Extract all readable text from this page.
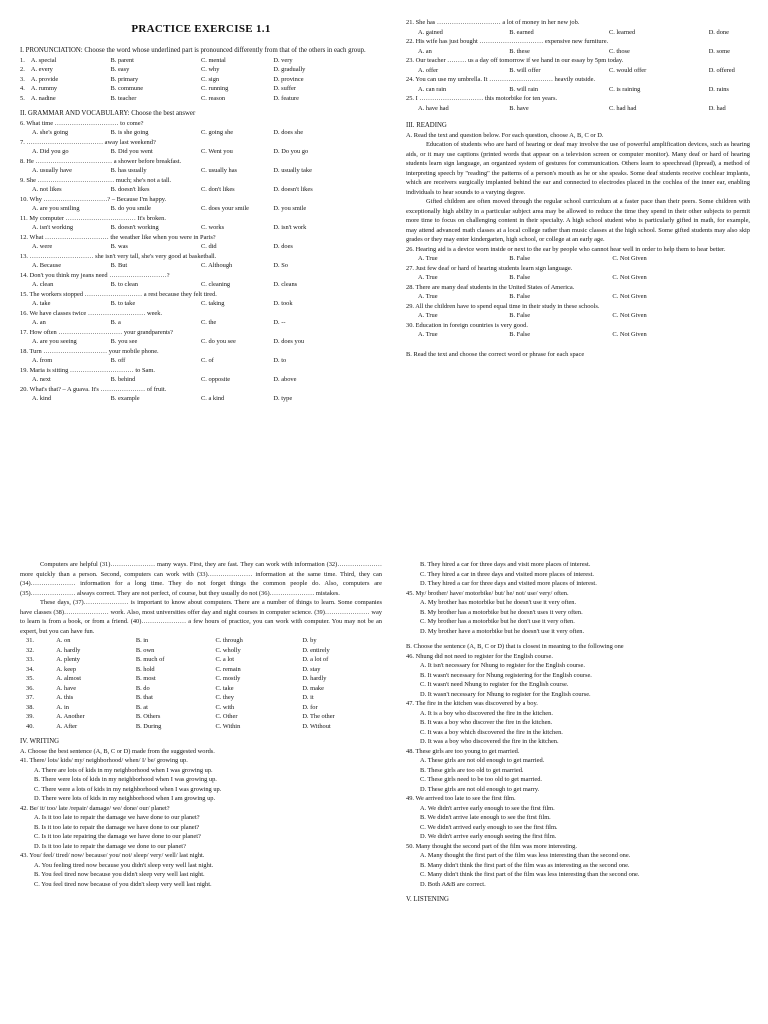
PRACTICE EXERCISE 1.1
I. PRONUNCIATION: Choose the word whose underlined part is pronounced differently from that of the others in each group.
1. A. special	B. parent	C. mental	D. very
2. A. every	B. easy	C. why	D. gradually
3. A. provide	B. primary	C. sign	D. province
4. A. rummy	B. commune	C. running	D. suffer
5. A. nadine	B. teacher	C. reason	D. feature
II. GRAMMAR AND VOCABULARY: Choose the best answer
6. What time ………………………… to come?
A. she's going	B. is she going	C. going she	D. does she
7. ……………………………… away last weekend?
A. Did you go	B. Did you went	C. Went you	D. Do you go
8. He ……………………………… a shower before breakfast.
A. usually have	B. has usually	C. usually has	D. usually take
9. She ……………………………… much; she's not a tall.
A. not likes	B. doesn't likes	C. don't likes	D. doesn't likes
10. Why …………………………? – Because I'm happy.
A. are you smiling	B. do you smile	C. does your smile	D. you smile
11. My computer …………………………… It's broken.
A. isn't working	B. doesn't working	C. works	D. isn't work
12. What ………………………… the weather like when you were in Paris?
A. were	B. was	C. did	D. does
13. ………………………… she isn't very tall, she's very good at basketball.
A. Because	B. But	C. Although	D. So
14. Don't you think my jeans need ………………………?
A. clean	B. to clean	C. cleaning	D. cleans
15. The workers stopped ……………………… a rest because they felt tired.
A. take	B. to take	C. taking	D. took
16. We have classes twice ……………………… week.
A. an	B. a	C. the	D. --
17. How often ………………………… your grandparents?
A. are you seeing	B. you see	C. do you see	D. does you
18. Turn ………………………… your mobile phone.
A. from	B. off	C. of	D. to
19. Maria is sitting ………………………… to Sam.
A. next	B. behind	C. opposite	D. above
20. What's that? – A guava. It's ………………… of fruit.
A. kind	B. example	C. a kind	D. type
21. She has ………………………… a lot of money in her new job.
A. gained	B. earned	C. learned	D. done
22. His wife has just bought ………………………… expensive new furniture.
A. an	B. these	C. those	D. some
23. Our teacher ……… us a day off tomorrow if we hand in our essay by 5pm today.
A. offer	B. will offer	C. would offer	D. offered
24. You can use my umbrella. It ………………………… heavily outside.
A. can rain	B. will rain	C. is raining	D. rains
25. I ………………………… this motorbike for ten years.
A. have had	B. have	C. had had	D. had
III. READING
A. Read the text and question below. For each question, choose A, B, C or D.
Education of students who are hard of hearing or deaf may involve the use of powerful amplification devices, such as hearing aids, or it may use captions (printed words that appear on a television screen or computer monitor). Many deaf or hard of hearing students learn sign language, an organized system of gestures for communication. Others learn to speechread (lipread), a method of interpreting speech by "reading" the patterns of a person's mouth as he or she speaks. Some deaf students receive cochlear implants, which are receivers surgically implanted behind the ear and connected to electrodes placed in the cochlea of the inner ear, enabling individuals to hear sounds to a varying degree.
Gifted children are often moved through the regular school curriculum at a faster pace than their peers. Some children with exceptionally high ability in a particular subject area may be allowed to reduce the time they spend in their other subjects to permit more time to focus on challenging content in their specialty. A high school student who is particularly gifted in math, for example, may attend advanced math classes at a local college rather than music classes at the high school. Some gifted students may also skip grades or they may enter kindergarten, high school, or college at an early age.
26. Hearing aid is a device worn inside or next to the ear by people who cannot hear well in order to help them to hear better.
A. True	B. False	C. Not Given
27. Just few deaf or hard of hearing students learn sign language.
A. True	B. False	C. Not Given
28. There are many deaf students in the United States of America.
A. True	B. False	C. Not Given
29. All the children have to spend equal time in their study in these schools.
A. True	B. False	C. Not Given
30. Education in foreign countries is very good.
A. True	B. False	C. Not Given
B. Read the text and choose the correct word or phrase for each space
Computers are helpful (31)………………… many ways. First, they are fast. They can work with information (32)………………… more quickly than a person. Second, computers can work with (33)………………… information at the same time. Third, they can (34)………………… information for a long time. They do not forget things the common people do. Also, computers are (35)………………… always correct. They are not perfect, of course, but they usually do not (36)………………… mistakes.
These days, (37)………………… is important to know about computers. There are a number of things to learn. Some companies have classes (38)………………… work. Also, most universities offer day and night courses in computer science. (39)………………… way to learn is from a book, or from a friend. (40)………………… a few hours of practice, you can work with computer. You may not be an expert, but you can have fun.
31.	A. on	B. in	C. through	D. by
32.	A. hardly	B. own	C. wholly	D. entirely
33.	A. plenty	B. much of	C. a lot	D. a lot of
34.	A. keep	B. hold	C. remain	D. stay
35.	A. almost	B. most	C. mostly	D. hardly
36.	A. have	B. do	C. take	D. make
37.	A. this	B. that	C. they	D. it
38.	A. in	B. at	C. with	D. for
39.	A. Another	B. Others	C. Other	D. The other
40.	A. After	B. During	C. Within	D. Without
IV. WRITING
A. Choose the best sentence (A, B, C or D) made from the suggested words.
41. There/ lots/ kids/ my/ neighborhood/ when/ I/ be/ growing up.
A. There are lots of kids in my neighborhood when I was growing up.
B. There were lots of kids in my neighborhood when I was growing up.
C. There were a lots of kids in my neighborhood when I was growing up.
D. There were lots of kids in my neighborhood when I am growing up.
42. Be/ it/ too/ late /repair/ damage/ we/ done/ our/ planet?
A. Is it too late to repair the damage we have done to our planet?
B. Is it too late to repair the damage we have done to our planet?
C. Is it too late repairing the damage we have done to our planet?
D. Is it too late to repair the damage we done to our planet?
43. You/ feel/ tired/ now/ because/ you/ not/ sleep/ very/ well/ last night.
A. You feeling tired now because you didn't sleep very well last night.
B. You feel tired now because you didn't sleep very well last night.
C. You feel tired now because of you didn't sleep very well last night.
B. They hired a car for three days and visit more places of interest.
C. They hired a car in three days and visited more places of interest.
D. They hired a car for three days and visited more places of interest.
45. My/ brother/ have/ motorbike/ but/ he/ not/ use/ very/ often.
A. My brother has motorbike but he doesn't use it very often.
B. My brother has a motorbike but he doesn't uses it very often.
C. My brother has a motorbike but he don't use it very often.
D. My brother have a motorbike but he doesn't use it very often.
B. Choose the sentence (A, B, C or D) that is closest in meaning to the following one
46. Nhung did not need to register for the English course.
A. It isn't necessary for Nhung to register for the English course.
B. It wasn't necessary for Nhung registering for the English course.
C. It wasn't need Nhung to register for the English course.
D. It wasn't necessary for Nhung to register for the English course.
47. The fire in the kitchen was discovered by a boy.
A. It is a boy who discovered the fire in the kitchen.
B. It was a boy who discover the fire in the kitchen.
C. It was a boy which discovered the fire in the kitchen.
D. It was a boy who discovered the fire in the kitchen.
48. These girls are too young to get married.
A. These girls are not old enough to get married.
B. These girls are too old to get married.
C. These girls need to be too old to get married.
D. These girls are not old enough to get marry.
49. We arrived too late to see the first film.
A. We didn't arrive early enough to see the first film.
B. We didn't arrive late enough to see the first film.
C. We didn't arrived early enough to see the first film.
D. We didn't arrive early enough seeing the first film.
50. Many thought the second part of the film was more interesting.
A. Many thought the first part of the film was less interesting than the second one.
B. Many didn't think the first part of the film was as interesting as the second one.
C. Many didn't think the first part of the film was less interesting than the second one.
D. Both A&B are correct.
V. LISTENING
